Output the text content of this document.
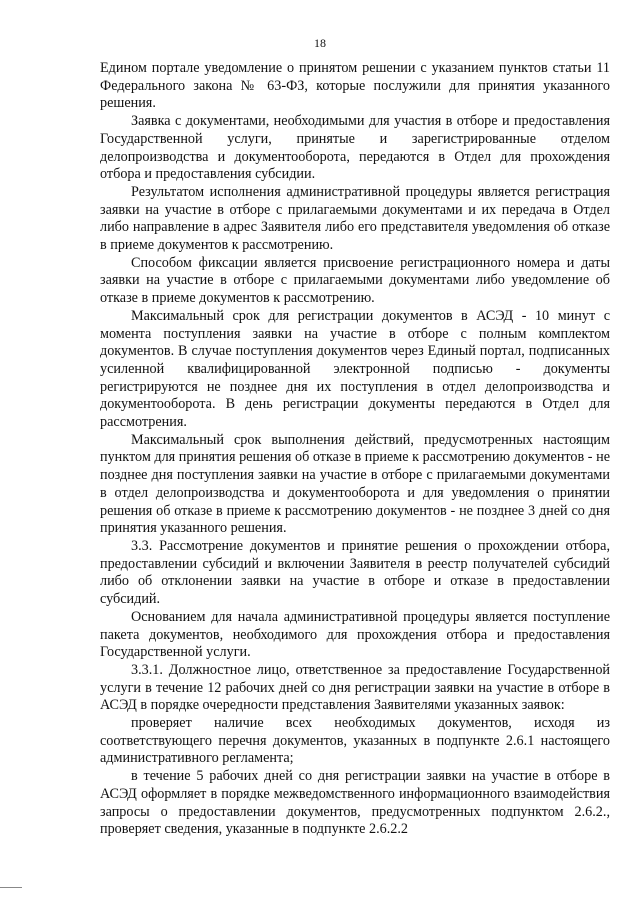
18

Едином портале уведомление о принятом решении с указанием пунктов статьи 11 Федерального закона № 63-ФЗ, которые послужили для принятия указанного решения.

Заявка с документами, необходимыми для участия в отборе и предоставления Государственной услуги, принятые и зарегистрированные отделом делопроизводства и документооборота, передаются в Отдел для прохождения отбора и предоставления субсидии.

Результатом исполнения административной процедуры является регистрация заявки на участие в отборе с прилагаемыми документами и их передача в Отдел либо направление в адрес Заявителя либо его представителя уведомления об отказе в приеме документов к рассмотрению.

Способом фиксации является присвоение регистрационного номера и даты заявки на участие в отборе с прилагаемыми документами либо уведомление об отказе в приеме документов к рассмотрению.

Максимальный срок для регистрации документов в АСЭД - 10 минут с момента поступления заявки на участие в отборе с полным комплектом документов. В случае поступления документов через Единый портал, подписанных усиленной квалифицированной электронной подписью - документы регистрируются не позднее дня их поступления в отдел делопроизводства и документооборота. В день регистрации документы передаются в Отдел для рассмотрения.

Максимальный срок выполнения действий, предусмотренных настоящим пунктом для принятия решения об отказе в приеме к рассмотрению документов - не позднее дня поступления заявки на участие в отборе с прилагаемыми документами в отдел делопроизводства и документооборота и для уведомления о принятии решения об отказе в приеме к рассмотрению документов - не позднее 3 дней со дня принятия указанного решения.

3.3. Рассмотрение документов и принятие решения о прохождении отбора, предоставлении субсидий и включении Заявителя в реестр получателей субсидий либо об отклонении заявки на участие в отборе и отказе в предоставлении субсидий.

Основанием для начала административной процедуры является поступление пакета документов, необходимого для прохождения отбора и предоставления Государственной услуги.

3.3.1. Должностное лицо, ответственное за предоставление Государственной услуги в течение 12 рабочих дней со дня регистрации заявки на участие в отборе в АСЭД в порядке очередности представления Заявителями указанных заявок:

проверяет наличие всех необходимых документов, исходя из соответствующего перечня документов, указанных в подпункте 2.6.1 настоящего административного регламента;

в течение 5 рабочих дней со дня регистрации заявки на участие в отборе в АСЭД оформляет в порядке межведомственного информационного взаимодействия запросы о предоставлении документов, предусмотренных подпунктом 2.6.2., проверяет сведения, указанные в подпункте 2.6.2.2
